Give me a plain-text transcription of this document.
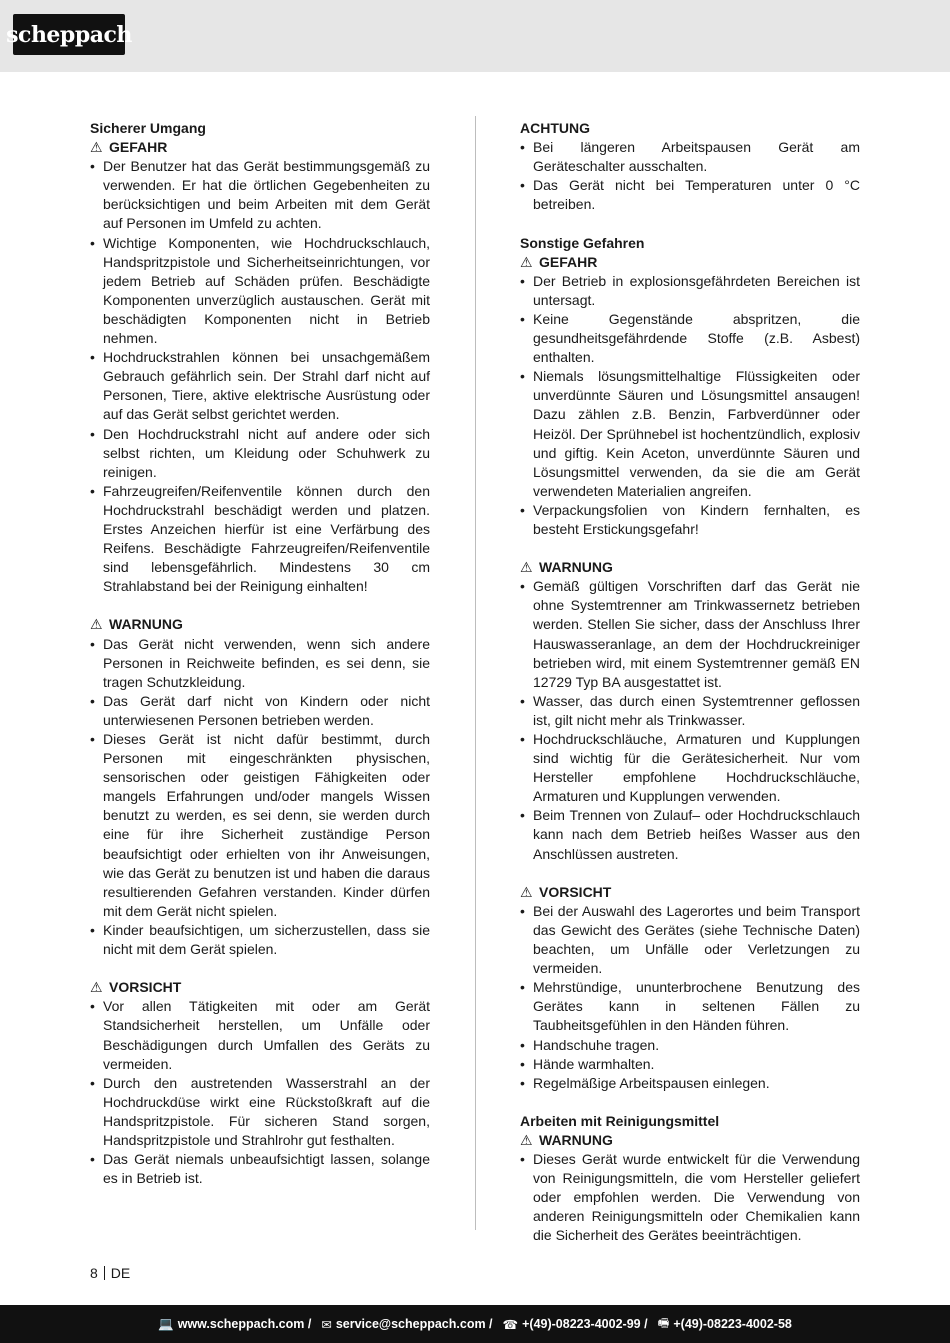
scheppach
Sicherer Umgang
⚠ GEFAHR
• Der Benutzer hat das Gerät bestimmungsgemäß zu verwenden. Er hat die örtlichen Gegebenheiten zu berücksichtigen und beim Arbeiten mit dem Gerät auf Personen im Umfeld zu achten.
• Wichtige Komponenten, wie Hochdruckschlauch, Handspritzpistole und Sicherheitseinrichtungen, vor jedem Betrieb auf Schäden prüfen. Beschädigte Komponenten unverzüglich austauschen. Gerät mit beschädigten Komponenten nicht in Betrieb nehmen.
• Hochdruckstrahlen können bei unsachgemäßem Gebrauch gefährlich sein. Der Strahl darf nicht auf Personen, Tiere, aktive elektrische Ausrüstung oder auf das Gerät selbst gerichtet werden.
• Den Hochdruckstrahl nicht auf andere oder sich selbst richten, um Kleidung oder Schuhwerk zu reinigen.
• Fahrzeugreifen/Reifenventile können durch den Hochdruckstrahl beschädigt werden und platzen. Erstes Anzeichen hierfür ist eine Verfärbung des Reifens. Beschädigte Fahrzeugreifen/Reifenventile sind lebensgefährlich. Mindestens 30 cm Strahlabstand bei der Reinigung einhalten!
⚠ WARNUNG
• Das Gerät nicht verwenden, wenn sich andere Personen in Reichweite befinden, es sei denn, sie tragen Schutzkleidung.
• Das Gerät darf nicht von Kindern oder nicht unterwiesenen Personen betrieben werden.
• Dieses Gerät ist nicht dafür bestimmt, durch Personen mit eingeschränkten physischen, sensorischen oder geistigen Fähigkeiten oder mangels Erfahrungen und/oder mangels Wissen benutzt zu werden, es sei denn, sie werden durch eine für ihre Sicherheit zuständige Person beaufsichtigt oder erhielten von ihr Anweisungen, wie das Gerät zu benutzen ist und haben die daraus resultierenden Gefahren verstanden. Kinder dürfen mit dem Gerät nicht spielen.
• Kinder beaufsichtigen, um sicherzustellen, dass sie nicht mit dem Gerät spielen.
⚠ VORSICHT
• Vor allen Tätigkeiten mit oder am Gerät Standsicherheit herstellen, um Unfälle oder Beschädigungen durch Umfallen des Geräts zu vermeiden.
• Durch den austretenden Wasserstrahl an der Hochdruckdüse wirkt eine Rückstoßkraft auf die Handspritzpistole. Für sicheren Stand sorgen, Handspritzpistole und Strahlrohr gut festhalten.
• Das Gerät niemals unbeaufsichtigt lassen, solange es in Betrieb ist.
ACHTUNG
• Bei längeren Arbeitspausen Gerät am Geräteschalter ausschalten.
• Das Gerät nicht bei Temperaturen unter 0 °C betreiben.
Sonstige Gefahren
⚠ GEFAHR
• Der Betrieb in explosionsgefährdeten Bereichen ist untersagt.
• Keine Gegenstände abspritzen, die gesundheitsgefährdende Stoffe (z.B. Asbest) enthalten.
• Niemals lösungsmittelhaltige Flüssigkeiten oder unverdünnte Säuren und Lösungsmittel ansaugen! Dazu zählen z.B. Benzin, Farbverdünner oder Heizöl. Der Sprühnebel ist hochentzündlich, explosiv und giftig. Kein Aceton, unverdünnte Säuren und Lösungsmittel verwenden, da sie die am Gerät verwendeten Materialien angreifen.
• Verpackungsfolien von Kindern fernhalten, es besteht Erstickungsgefahr!
⚠ WARNUNG
• Gemäß gültigen Vorschriften darf das Gerät nie ohne Systemtrenner am Trinkwassernetz betrieben werden. Stellen Sie sicher, dass der Anschluss Ihrer Hauswasseranlage, an dem der Hochdruckreiniger betrieben wird, mit einem Systemtrenner gemäß EN 12729 Typ BA ausgestattet ist.
• Wasser, das durch einen Systemtrenner geflossen ist, gilt nicht mehr als Trinkwasser.
• Hochdruckschläuche, Armaturen und Kupplungen sind wichtig für die Gerätesicherheit. Nur vom Hersteller empfohlene Hochdruckschläuche, Armaturen und Kupplungen verwenden.
• Beim Trennen von Zulauf– oder Hochdruckschlauch kann nach dem Betrieb heißes Wasser aus den Anschlüssen austreten.
⚠ VORSICHT
• Bei der Auswahl des Lagerortes und beim Transport das Gewicht des Gerätes (siehe Technische Daten) beachten, um Unfälle oder Verletzungen zu vermeiden.
• Mehrstündige, ununterbrochene Benutzung des Gerätes kann in seltenen Fällen zu Taubheitsgefühlen in den Händen führen.
• Handschuhe tragen.
• Hände warmhalten.
• Regelmäßige Arbeitspausen einlegen.
Arbeiten mit Reinigungsmittel
⚠ WARNUNG
• Dieses Gerät wurde entwickelt für die Verwendung von Reinigungsmitteln, die vom Hersteller geliefert oder empfohlen werden. Die Verwendung von anderen Reinigungsmitteln oder Chemikalien kann die Sicherheit des Gerätes beeinträchtigen.
8 DE
💻 www.scheppach.com / ✉ service@scheppach.com / ☎ +(49)-08223-4002-99 / 🖷 +(49)-08223-4002-58
